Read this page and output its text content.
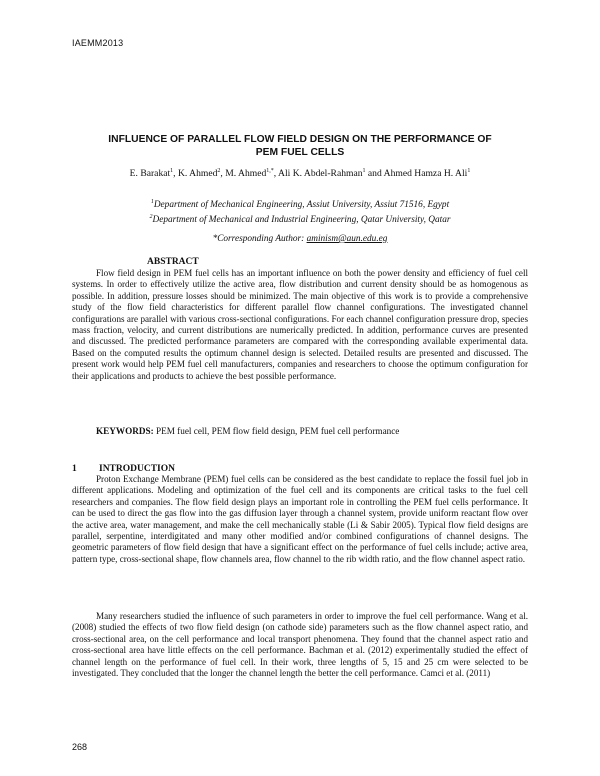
IAEMM2013
INFLUENCE OF PARALLEL FLOW FIELD DESIGN ON THE PERFORMANCE OF PEM FUEL CELLS
E. Barakat$^1$, K. Ahmed$^2$, M. Ahmed$^{1,*}$, Ali K. Abdel-Rahman$^1$ and Ahmed Hamza H. Ali$^1$
$^1$Department of Mechanical Engineering, Assiut University, Assiut 71516, Egypt
$^2$Department of Mechanical and Industrial Engineering, Qatar University, Qatar
*Corresponding Author: aminism@aun.edu.eg
ABSTRACT

Flow field design in PEM fuel cells has an important influence on both the power density and efficiency of fuel cell systems. In order to effectively utilize the active area, flow distribution and current density should be as homogenous as possible. In addition, pressure losses should be minimized. The main objective of this work is to provide a comprehensive study of the flow field characteristics for different parallel flow channel configurations. The investigated channel configurations are parallel with various cross-sectional configurations. For each channel configuration pressure drop, species mass fraction, velocity, and current distributions are numerically predicted. In addition, performance curves are presented and discussed. The predicted performance parameters are compared with the corresponding available experimental data. Based on the computed results the optimum channel design is selected. Detailed results are presented and discussed. The present work would help PEM fuel cell manufacturers, companies and researchers to choose the optimum configuration for their applications and products to achieve the best possible performance.

KEYWORDS: PEM fuel cell, PEM flow field design, PEM fuel cell performance
1 INTRODUCTION

Proton Exchange Membrane (PEM) fuel cells can be considered as the best candidate to replace the fossil fuel job in different applications. Modeling and optimization of the fuel cell and its components are critical tasks to the fuel cell researchers and companies. The flow field design plays an important role in controlling the PEM fuel cells performance. It can be used to direct the gas flow into the gas diffusion layer through a channel system, provide uniform reactant flow over the active area, water management, and make the cell mechanically stable (Li & Sabir 2005). Typical flow field designs are parallel, serpentine, interdigitated and many other modified and/or combined configurations of channel designs. The geometric parameters of flow field design that have a significant effect on the performance of fuel cells include; active area, pattern type, cross-sectional shape, flow channels area, flow channel to the rib width ratio, and the flow channel aspect ratio.

Many researchers studied the influence of such parameters in order to improve the fuel cell performance. Wang et al.(2008) studied the effects of two flow field design (on cathode side) parameters such as the flow channel aspect ratio, and cross-sectional area, on the cell performance and local transport phenomena. They found that the channel aspect ratio and cross-sectional area have little effects on the cell performance. Bachman et al. (2012) experimentally studied the effect of channel length on the performance of fuel cell. In their work, three lengths of 5, 15 and 25 cm were selected to be investigated. They concluded that the longer the channel length the better the cell performance. Camci et al. (2011)

268
